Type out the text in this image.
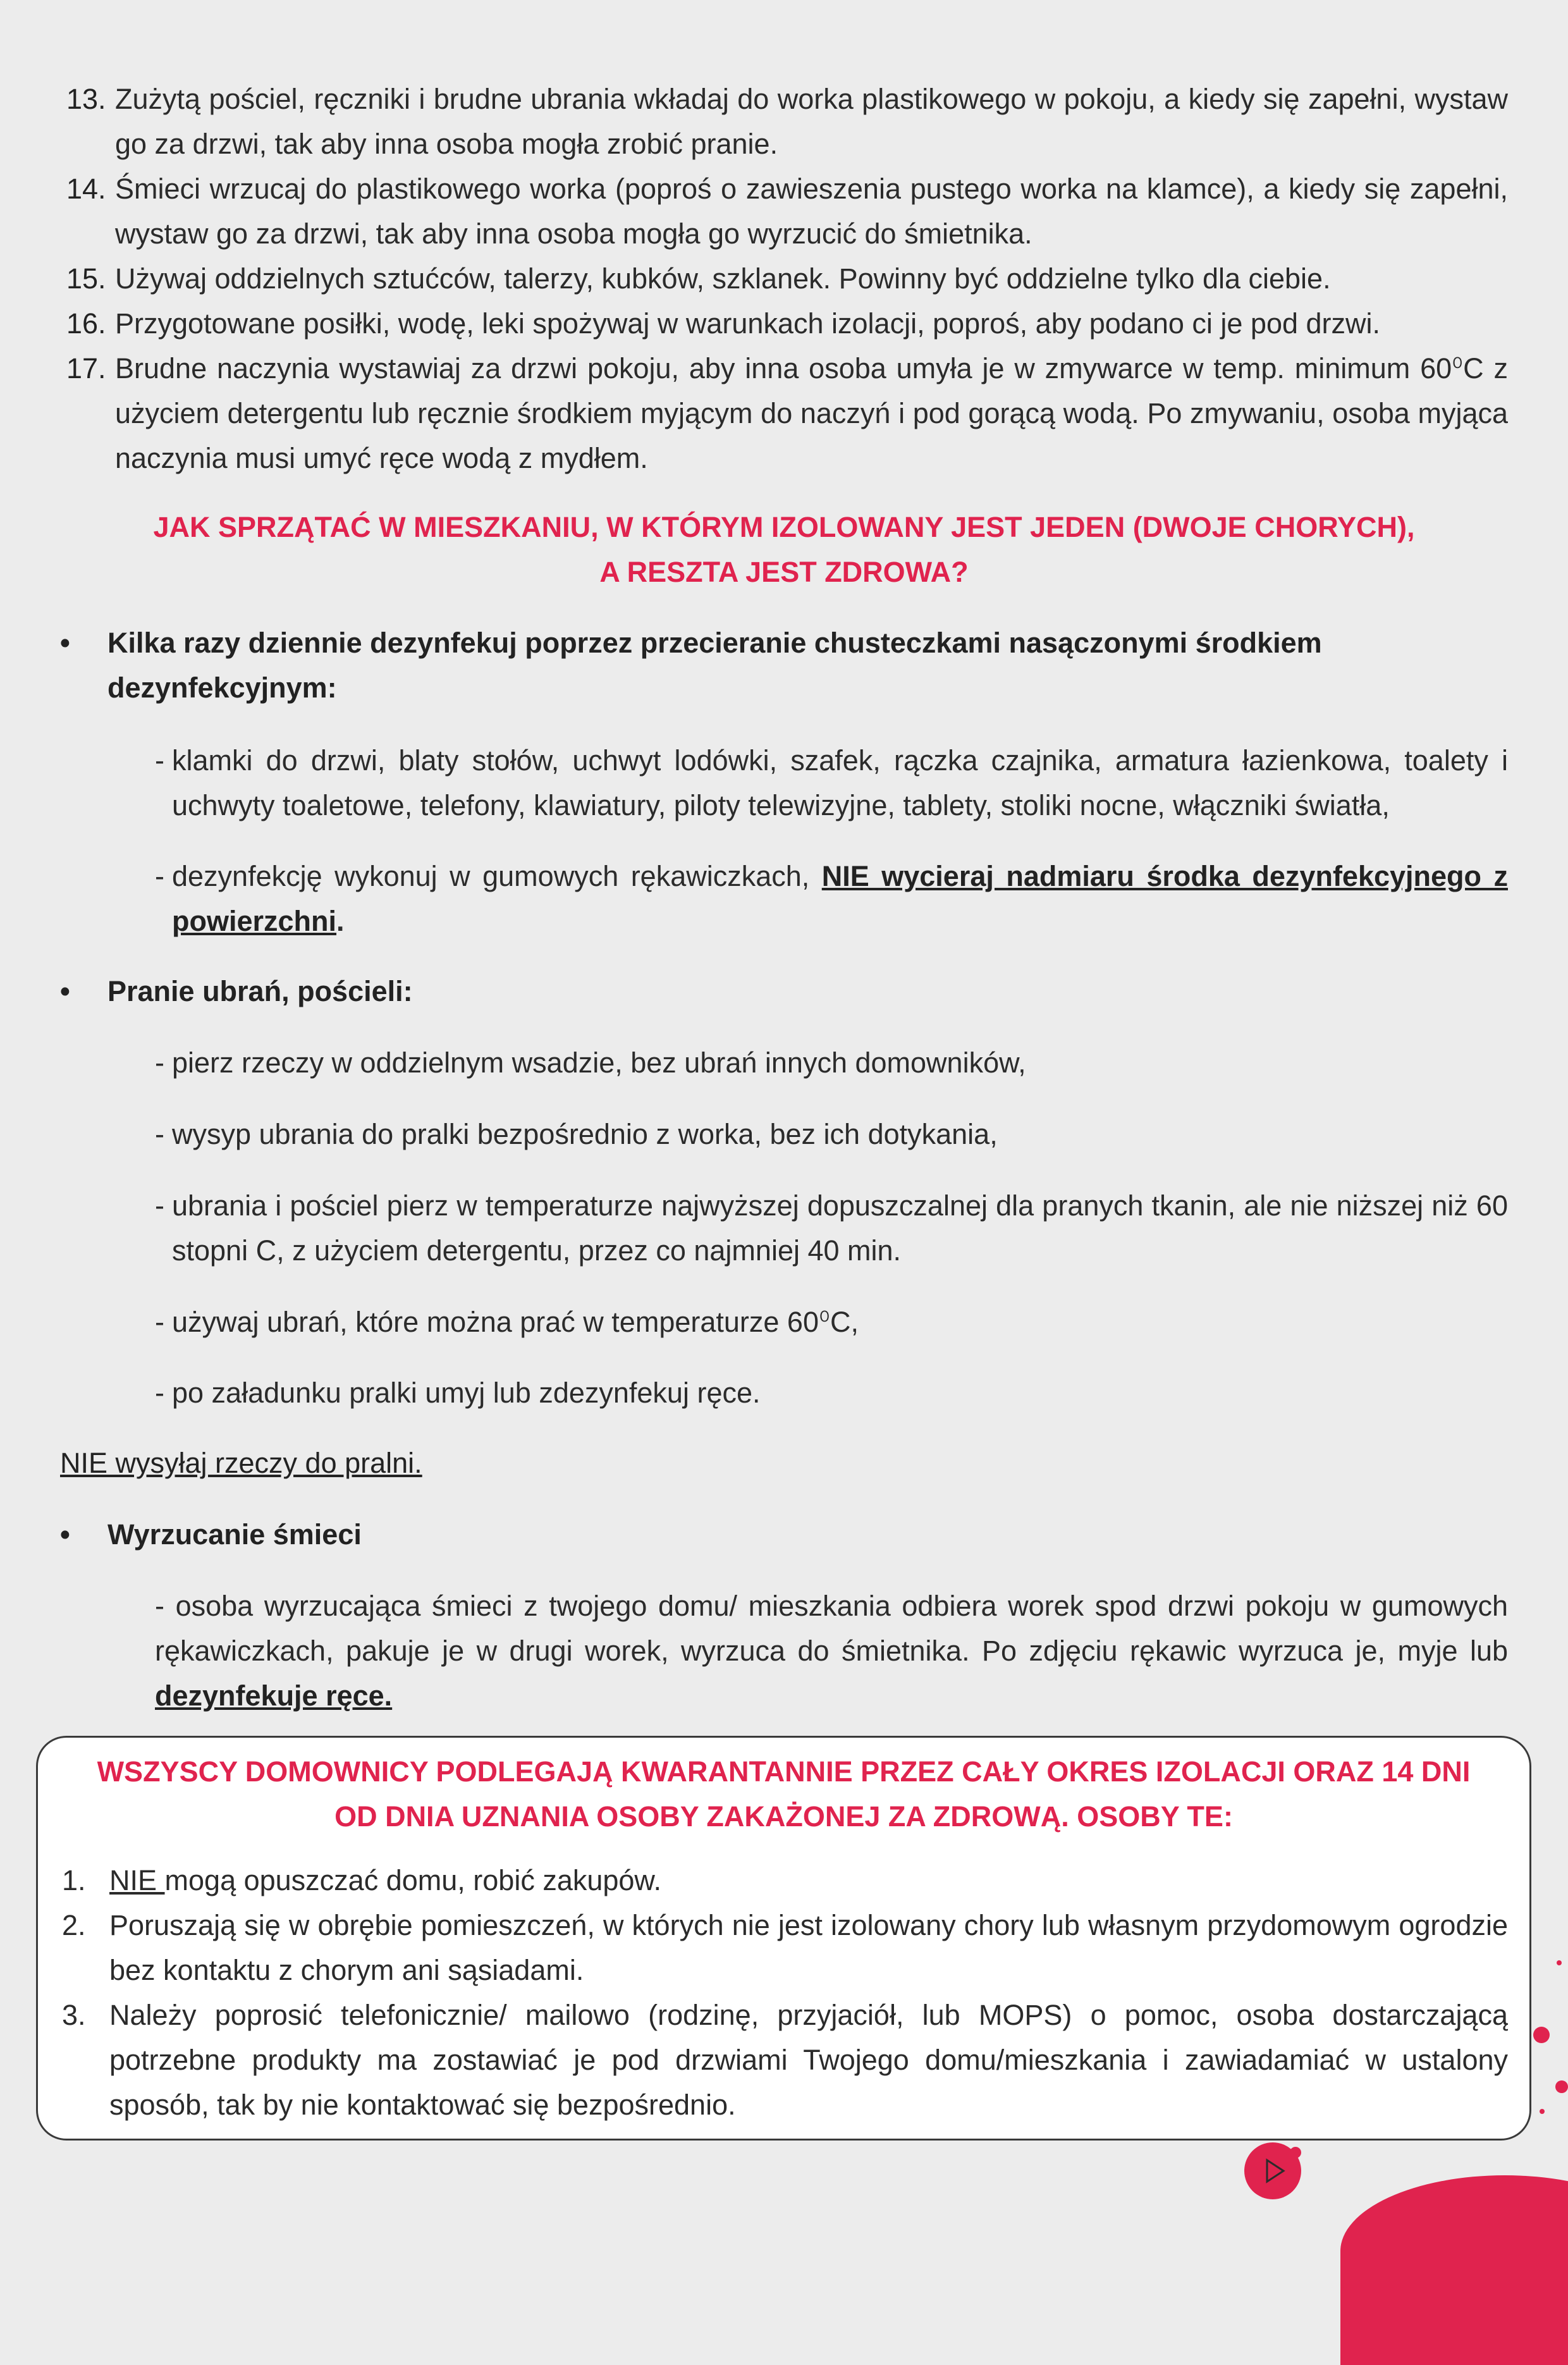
13. Zużytą pościel, ręczniki i brudne ubrania wkładaj do worka plastikowego w pokoju, a kiedy się zapełni, wystaw go za drzwi, tak aby inna osoba mogła zrobić pranie.
14. Śmieci wrzucaj do plastikowego worka (poproś o zawieszenia pustego worka na klamce), a kiedy się zapełni, wystaw go za drzwi, tak aby inna osoba mogła go wyrzucić do śmietnika.
15. Używaj oddzielnych sztućców, talerzy, kubków, szklanek. Powinny być oddzielne tylko dla ciebie.
16. Przygotowane posiłki, wodę, leki spożywaj w warunkach izolacji, poproś, aby podano ci je pod drzwi.
17. Brudne naczynia wystawiaj za drzwi pokoju, aby inna osoba umyła je w zmywarce w temp. minimum 60⁰C z użyciem detergentu lub ręcznie środkiem myjącym do naczyń i pod gorącą wodą. Po zmywaniu, osoba myjąca naczynia musi umyć ręce wodą z mydłem.
JAK SPRZĄTAĆ W MIESZKANIU, W KTÓRYM IZOLOWANY JEST JEDEN (DWOJE CHORYCH),
A RESZTA JEST ZDROWA?
• Kilka razy dziennie dezynfekuj poprzez przecieranie chusteczkami nasączonymi środkiem dezynfekcyjnym:
- klamki do drzwi, blaty stołów, uchwyt lodówki, szafek, rączka czajnika, armatura łazienkowa, toalety i uchwyty toaletowe, telefony, klawiatury, piloty telewizyjne, tablety, stoliki nocne, włączniki światła,
- dezynfekcję wykonuj w gumowych rękawiczkach, NIE wycieraj nadmiaru środka dezynfekcyjnego z powierzchni.
• Pranie ubrań, pościeli:
- pierz rzeczy w oddzielnym wsadzie, bez ubrań innych domowników,
- wysyp ubrania do pralki bezpośrednio z worka, bez ich dotykania,
- ubrania i pościel pierz w temperaturze najwyższej dopuszczalnej dla pranych tkanin, ale nie niższej niż 60 stopni C, z użyciem detergentu, przez co najmniej 40 min.
- używaj ubrań, które można prać w temperaturze 60⁰C,
- po załadunku pralki umyj lub zdezynfekuj ręce.
NIE wysyłaj rzeczy do pralni.
• Wyrzucanie śmieci
- osoba wyrzucająca śmieci z twojego domu/ mieszkania odbiera worek spod drzwi pokoju w gumowych rękawiczkach, pakuje je w drugi worek, wyrzuca do śmietnika. Po zdjęciu rękawic wyrzuca je, myje lub dezynfekuje ręce.
WSZYSCY DOMOWNICY PODLEGAJĄ KWARANTANNIE PRZEZ CAŁY OKRES IZOLACJI ORAZ 14 DNI
OD DNIA UZNANIA OSOBY ZAKAŻONEJ ZA ZDROWĄ. OSOBY TE:
1. NIE mogą opuszczać domu, robić zakupów.
2. Poruszają się w obrębie pomieszczeń, w których nie jest izolowany chory lub własnym przydomowym ogrodzie bez kontaktu z chorym ani sąsiadami.
3. Należy poprosić telefonicznie/ mailowo (rodzinę, przyjaciół, lub MOPS) o pomoc, osoba dostarczającą potrzebne produkty ma zostawiać je pod drzwiami Twojego domu/mieszkania i zawiadamiać w ustalony sposób, tak by nie kontaktować się bezpośrednio.
